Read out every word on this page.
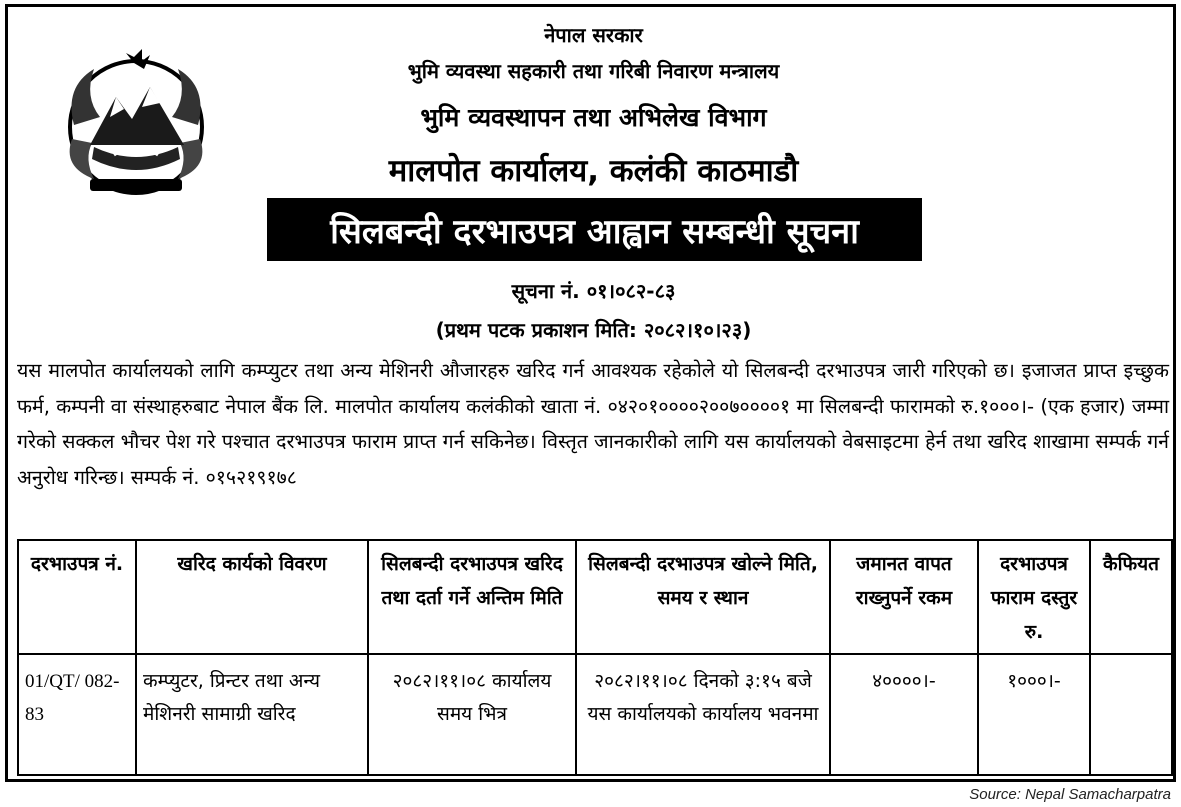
नेपाल सरकार
भुमि व्यवस्था सहकारी तथा गरिबी निवारण मन्त्रालय
भुमि व्यवस्थापन तथा अभिलेख विभाग
मालपोत कार्यालय, कलंकी काठमाडौ
सिलबन्दी दरभाउपत्र आह्वान सम्बन्धी सूचना
सूचना नं. ०१।०८२-८३
(प्रथम पटक प्रकाशन मिति: २०८२।१०।२३)

यस मालपोत कार्यालयको लागि कम्प्युटर तथा अन्य मेशिनरी औजारहरु खरिद गर्न आवश्यक रहेकोले यो सिलबन्दी दरभाउपत्र जारी गरिएको छ। इजाजत प्राप्त इच्छुक फर्म, कम्पनी वा संस्थाहरुबाट नेपाल बैंक लि. मालपोत कार्यालय कलंकीको खाता नं. ०४२०१००००२००७००००१ मा सिलबन्दी फारामको रु.१०००।- (एक हजार) जम्मा गरेको सक्कल भौचर पेश गरे पश्चात दरभाउपत्र फाराम प्राप्त गर्न सकिनेछ। विस्तृत जानकारीको लागि यस कार्यालयको वेबसाइटमा हेर्न तथा खरिद शाखामा सम्पर्क गर्न अनुरोध गरिन्छ। सम्पर्क नं. ०१५२१९१७८

दरभाउपत्र नं.	खरिद कार्यको विवरण	सिलबन्दी दरभाउपत्र खरिद तथा दर्ता गर्ने अन्तिम मिति	सिलबन्दी दरभाउपत्र खोल्ने मिति, समय र स्थान	जमानत वापत राख्नुपर्ने रकम	दरभाउपत्र फाराम दस्तुर रु.	कैफियत
01/QT/ 082-83	कम्प्युटर, प्रिन्टर तथा अन्य मेशिनरी सामाग्री खरिद	२०८२।११।०८ कार्यालय समय भित्र	२०८२।११।०८ दिनको ३:१५ बजे यस कार्यालयको कार्यालय भवनमा	४००००।-	१०००।-	
Source: Nepal Samacharpatra
